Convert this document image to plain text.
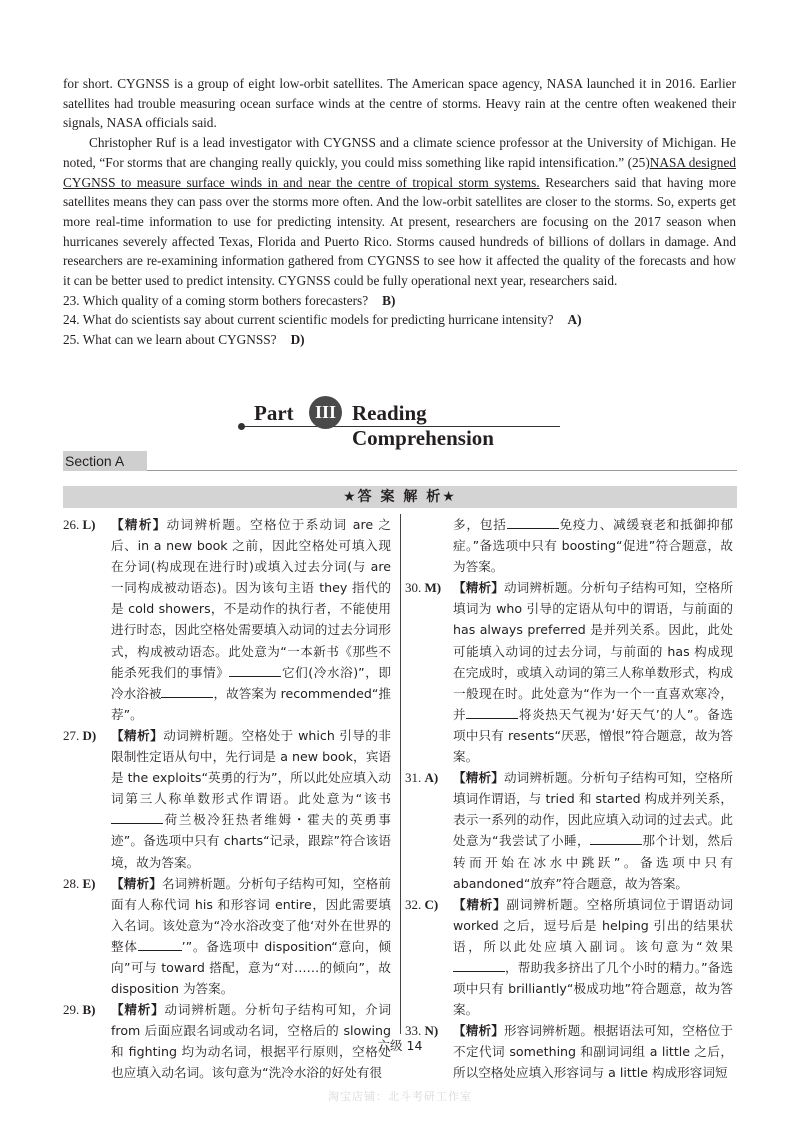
for short. CYGNSS is a group of eight low-orbit satellites. The American space agency, NASA launched it in 2016. Earlier satellites had trouble measuring ocean surface winds at the centre of storms. Heavy rain at the centre often weakened their signals, NASA officials said.

Christopher Ruf is a lead investigator with CYGNSS and a climate science professor at the University of Michigan. He noted, “For storms that are changing really quickly, you could miss something like rapid intensification.” (25)NASA designed CYGNSS to measure surface winds in and near the centre of tropical storm systems. Researchers said that having more satellites means they can pass over the storms more often. And the low-orbit satellites are closer to the storms. So, experts get more real-time information to use for predicting intensity. At present, researchers are focusing on the 2017 season when hurricanes severely affected Texas, Florida and Puerto Rico. Storms caused hundreds of billions of dollars in damage. And researchers are re-examining information gathered from CYGNSS to see how it affected the quality of the forecasts and how it can be better used to predict intensity. CYGNSS could be fully operational next year, researchers said.

23. Which quality of a coming storm bothers forecasters? B)

24. What do scientists say about current scientific models for predicting hurricane intensity? A)

25. What can we learn about CYGNSS? D)

Part	III Reading Comprehension
Section A
★答 案 解 析★
26. L) 【精析】动词辨析题。空格位于系动词 are 之后、in a new book 之前，因此空格处可填入现在分词(构成现在进行时)或填入过去分词(与 are 一同构成被动语态)。因为该句主语 they 指代的是 cold showers，不是动作的执行者，不能使用进行时态，因此空格处需要填入动词的过去分词形式，构成被动语态。此处意为“一本新书《那些不能杀死我们的事情》	它们(冷水浴)”，即冷水浴被	，故答案为 recommended“推荐”。
27. D) 【精析】动词辨析题。空格处于 which 引导的非限制性定语从句中，先行词是 a new book，宾语是 the exploits“英勇的行为”，所以此处应填入动词第三人称单数形式作谓语。此处意为“该书荷兰极冷狂热者维姆・霍夫的英勇事迹”。备选项中只有 charts“记录，跟踪”符合该语境，故为答案。
28. E) 【精析】名词辨析题。分析句子结构可知，空格前面有人称代词 his 和形容词 entire，因此需要填入名词。该处意为“冷水浴改变了他‘对外在世界的整体	’”。备选项中 disposition“意向，倾向”可与 toward 搭配，意为“对……的倾向”，故 disposition 为答案。
29. B) 【精析】动词辨析题。分析句子结构可知，介词 from 后面应跟名词或动名词，空格后的 slowing 和 fighting 均为动名词，根据平行原则，空格处也应填入动名词。该句意为“洗冷水浴的好处有很
多，包括	免疫力、减缓衰老和抵御抑郁症。”备选项中只有 boosting“促进”符合题意，故为答案。
30. M) 【精析】动词辨析题。分析句子结构可知，空格所填词为 who 引导的定语从句中的谓语，与前面的 has always preferred 是并列关系。因此，此处可能填入动词的过去分词，与前面的 has 构成现在完成时，或填入动词的第三人称单数形式，构成一般现在时。此处意为“作为一个一直喜欢寒冷，并	将炎热天气视为‘好天气’的人”。备选项中只有 resents“厌恶，憎恨”符合题意，故为答案。
31. A) 【精析】动词辨析题。分析句子结构可知，空格所填词作谓语，与 tried 和 started 构成并列关系，表示一系列的动作，因此应填入动词的过去式。此处意为“我尝试了小睡，	那个计划，然后转而开始在冰水中跳跃”。备选项中只有 abandoned“放弃”符合题意，故为答案。
32. C) 【精析】副词辨析题。空格所填词位于谓语动词 worked 之后，逗号后是 helping 引出的结果状语，所以此处应填入副词。该句意为“效果，帮助我多挤出了几个小时的精力。”备选项中只有 brilliantly“极成功地”符合题意，故为答案。
33. N) 【精析】形容词辨析题。根据语法可知，空格位于不定代词 something 和副词词组 a little 之后，所以空格处应填入形容词与 a little 构成形容词短
六级 14
淘宝店铺：北斗考研工作室
